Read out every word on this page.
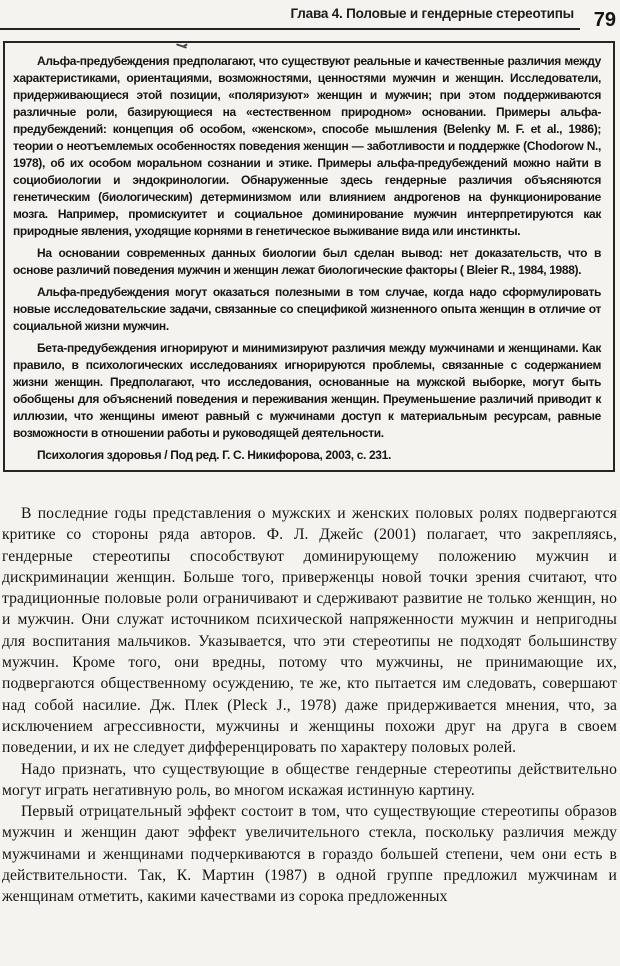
Глава 4. Половые и гендерные стереотипы 79

Альфа-предубеждения предполагают, что существуют реальные и качественные различия между характеристиками, ориентациями, возможностями, ценностями мужчин и женщин. Исследователи, придерживающиеся этой позиции, «поляризуют» женщин и мужчин; при этом поддерживаются различные роли, базирующиеся на «естественном природном» основании. Примеры альфа-предубеждений: концепция об особом, «женском», способе мышления (Belenky M. F. et al., 1986); теории о неотъемлемых особенностях поведения женщин — заботливости и поддержке (Chodorow N., 1978), об их особом моральном сознании и этике. Примеры альфа-предубеждений можно найти в социобиологии и эндокринологии. Обнаруженные здесь гендерные различия объясняются генетическим (биологическим) детерминизмом или влиянием андрогенов на функционирование мозга. Например, промискуитет и социальное доминирование мужчин интерпретируются как природные явления, уходящие корнями в генетическое выживание вида или инстинкты.

На основании современных данных биологии был сделан вывод: нет доказательств, что в основе различий поведения мужчин и женщин лежат биологические факторы ( Bleier R., 1984, 1988).

Альфа-предубеждения могут оказаться полезными в том случае, когда надо сформулировать новые исследовательские задачи, связанные со спецификой жизненного опыта женщин в отличие от социальной жизни мужчин.

Бета-предубеждения игнорируют и минимизируют различия между мужчинами и женщинами. Как правило, в психологических исследованиях игнорируются проблемы, связанные с содержанием жизни женщин. Предполагают, что исследования, основанные на мужской выборке, могут быть обобщены для объяснений поведения и переживания женщин. Преуменьшение различий приводит к иллюзии, что женщины имеют равный с мужчинами доступ к материальным ресурсам, равные возможности в отношении работы и руководящей деятельности.

Психология здоровья / Под ред. Г. С. Никифорова, 2003, с. 231.

В последние годы представления о мужских и женских половых ролях подвергаются критике со стороны ряда авторов. Ф. Л. Джейс (2001) полагает, что закрепляясь, гендерные стереотипы способствуют доминирующему положению мужчин и дискриминации женщин. Больше того, приверженцы новой точки зрения считают, что традиционные половые роли ограничивают и сдерживают развитие не только женщин, но и мужчин. Они служат источником психической напряженности мужчин и непригодны для воспитания мальчиков. Указывается, что эти стереотипы не подходят большинству мужчин. Кроме того, они вредны, потому что мужчины, не принимающие их, подвергаются общественному осуждению, те же, кто пытается им следовать, совершают над собой насилие. Дж. Плек (Pleck J., 1978) даже придерживается мнения, что, за исключением агрессивности, мужчины и женщины похожи друг на друга в своем поведении, и их не следует дифференцировать по характеру половых ролей.

Надо признать, что существующие в обществе гендерные стереотипы действительно могут играть негативную роль, во многом искажая истинную картину.

Первый отрицательный эффект состоит в том, что существующие стереотипы образов мужчин и женщин дают эффект увеличительного стекла, поскольку различия между мужчинами и женщинами подчеркиваются в гораздо большей степени, чем они есть в действительности. Так, К. Мартин (1987) в одной группе предложил мужчинам и женщинам отметить, какими качествами из сорока предложенных
